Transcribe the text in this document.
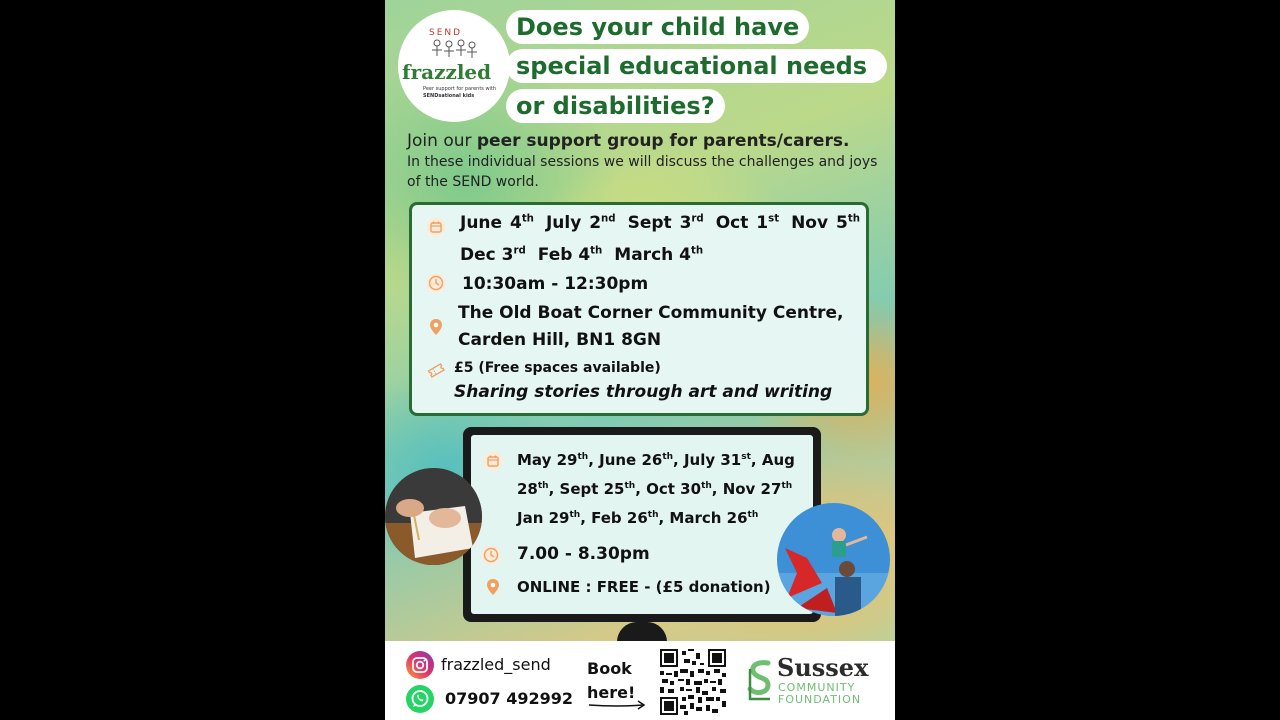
SEND
frazzled
Peer support for parents with
SENDsational kids
Does your child have
special educational needs
or disabilities?
Join our peer support group for parents/carers.
In these individual sessions we will discuss the challenges and joys of the SEND world.
June 4th July 2nd Sept 3rd Oct 1st Nov 5th
Dec 3rd Feb 4th March 4th
10:30am - 12:30pm
The Old Boat Corner Community Centre,
Carden Hill, BN1 8GN
£5 (Free spaces available)
Sharing stories through art and writing
May 29th, June 26th, July 31st, Aug
28th, Sept 25th, Oct 30th, Nov 27th
Jan 29th, Feb 26th, March 26th
7.00 - 8.30pm
ONLINE : FREE - (£5 donation)
frazzled_send
07907 492992
Book
here!
Sussex
COMMUNITY
FOUNDATION
